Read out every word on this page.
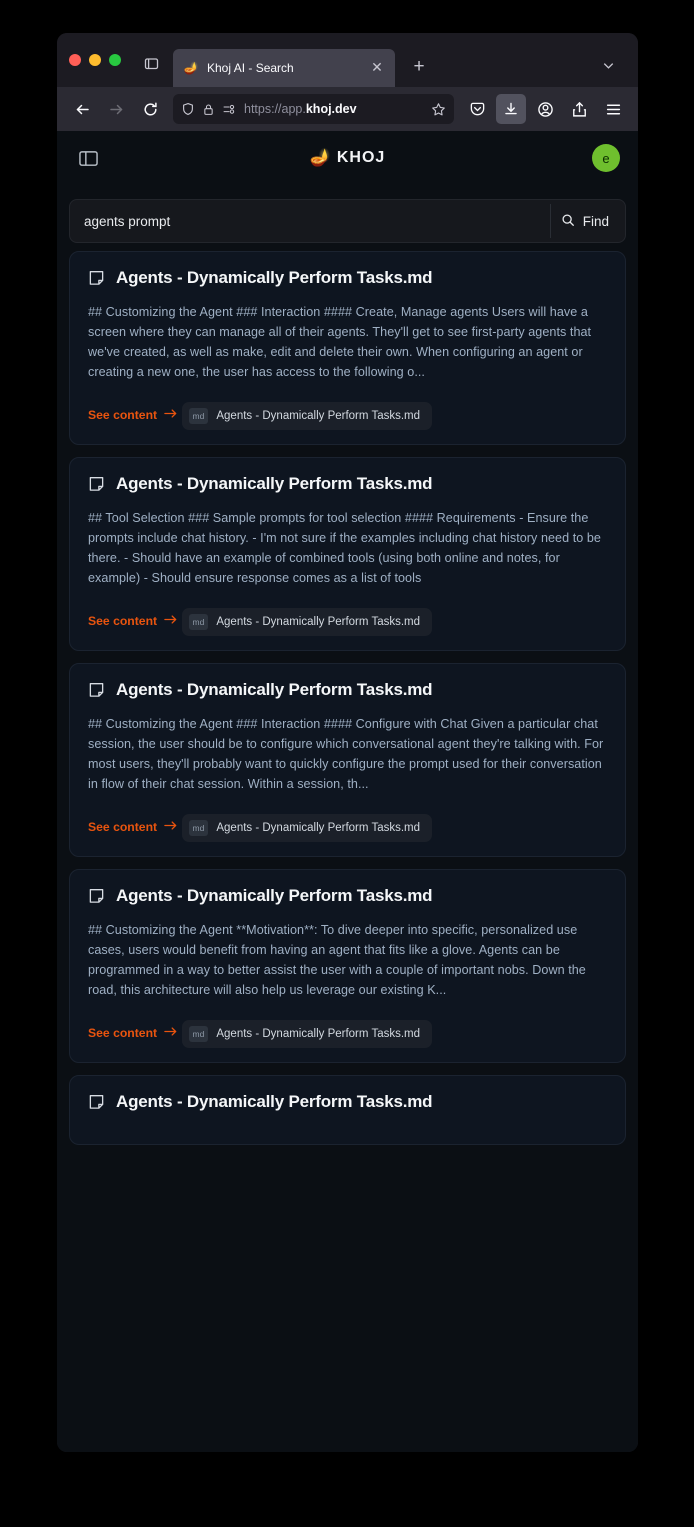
🪔 Khoj AI - Search	✕	+
https://app.khoj.dev
🪔 KHOJ	e
agents prompt
Find
Agents - Dynamically Perform Tasks.md
## Customizing the Agent ### Interaction #### Create, Manage agents Users will have a screen where they can manage all of their agents. They'll get to see first-party agents that we've created, as well as make, edit and delete their own. When configuring an agent or creating a new one, the user has access to the following o...
See content
	md	Agents - Dynamically Perform Tasks.md
Agents - Dynamically Perform Tasks.md
## Tool Selection ### Sample prompts for tool selection #### Requirements - Ensure the prompts include chat history. - I'm not sure if the examples including chat history need to be there. - Should have an example of combined tools (using both online and notes, for example) - Should ensure response comes as a list of tools
See content
	md	Agents - Dynamically Perform Tasks.md
Agents - Dynamically Perform Tasks.md
## Customizing the Agent ### Interaction #### Configure with Chat Given a particular chat session, the user should be to configure which conversational agent they're talking with. For most users, they'll probably want to quickly configure the prompt used for their conversation in flow of their chat session. Within a session, th...
See content
	md	Agents - Dynamically Perform Tasks.md
Agents - Dynamically Perform Tasks.md
## Customizing the Agent **Motivation**: To dive deeper into specific, personalized use cases, users would benefit from having an agent that fits like a glove. Agents can be programmed in a way to better assist the user with a couple of important nobs. Down the road, this architecture will also help us leverage our existing K...
See content
	md	Agents - Dynamically Perform Tasks.md
Agents - Dynamically Perform Tasks.md
